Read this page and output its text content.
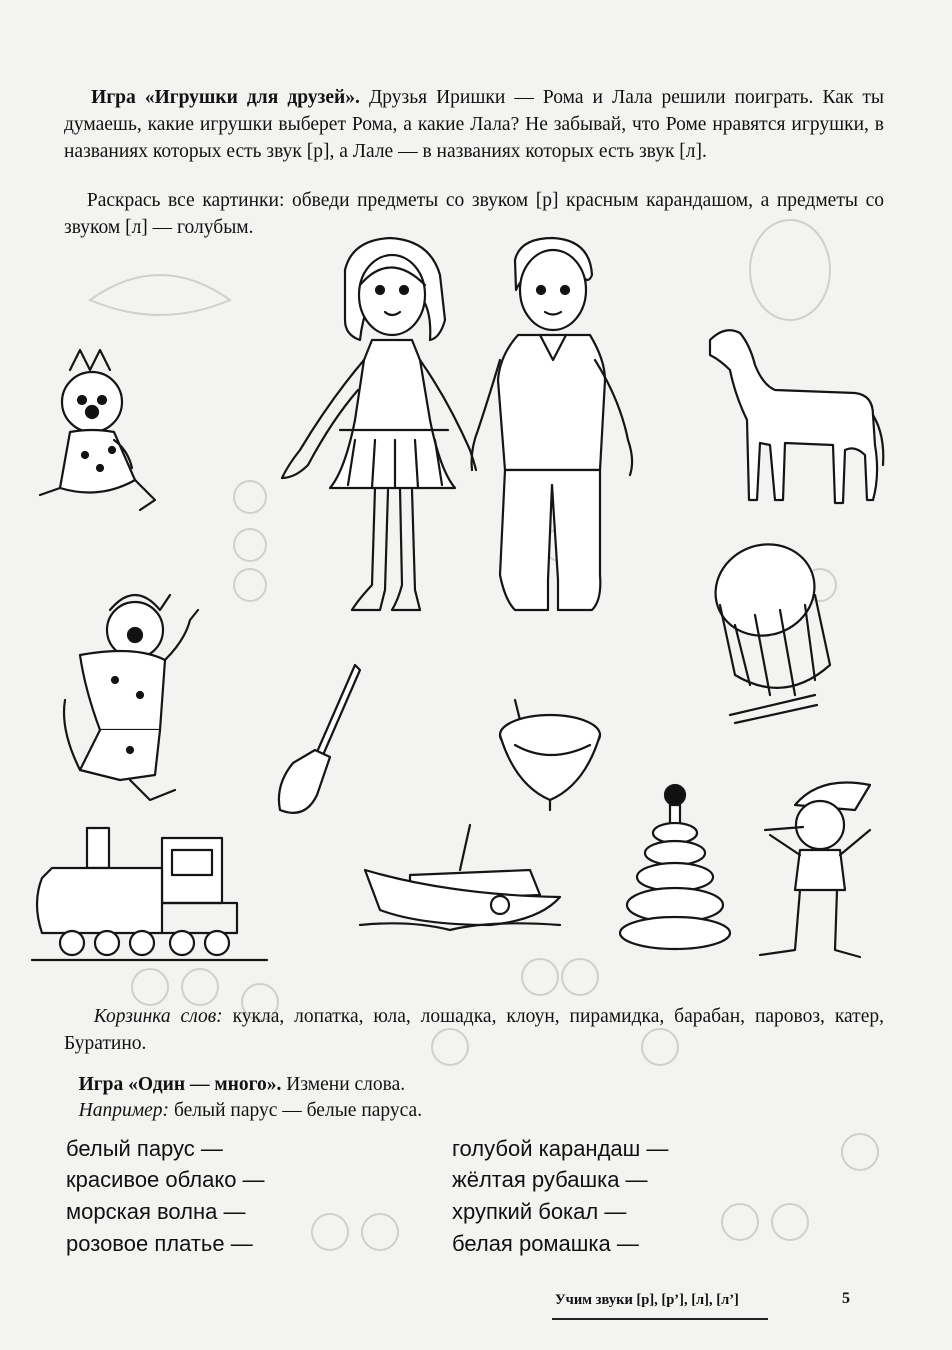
Игра «Игрушки для друзей». Друзья Иришки — Рома и Лала решили поиграть. Как ты думаешь, какие игрушки выберет Рома, а какие Лала? Не забывай, что Роме нравятся игрушки, в названиях которых есть звук [р], а Лале — в названиях которых есть звук [л].
Раскрась все картинки: обведи предметы со звуком [р] красным карандашом, а предметы со звуком [л] — голубым.
Корзинка слов: кукла, лопатка, юла, лошадка, клоун, пирамидка, барабан, паровоз, катер, Буратино.
Игра «Один — много». Измени слова.
Например: белый парус — белые паруса.
белый парус —
красивое облако —
морская волна —
розовое платье —
голубой карандаш —
жёлтая рубашка —
хрупкий бокал —
белая ромашка —
Учим звуки [р], [р’], [л], [л’]	5
